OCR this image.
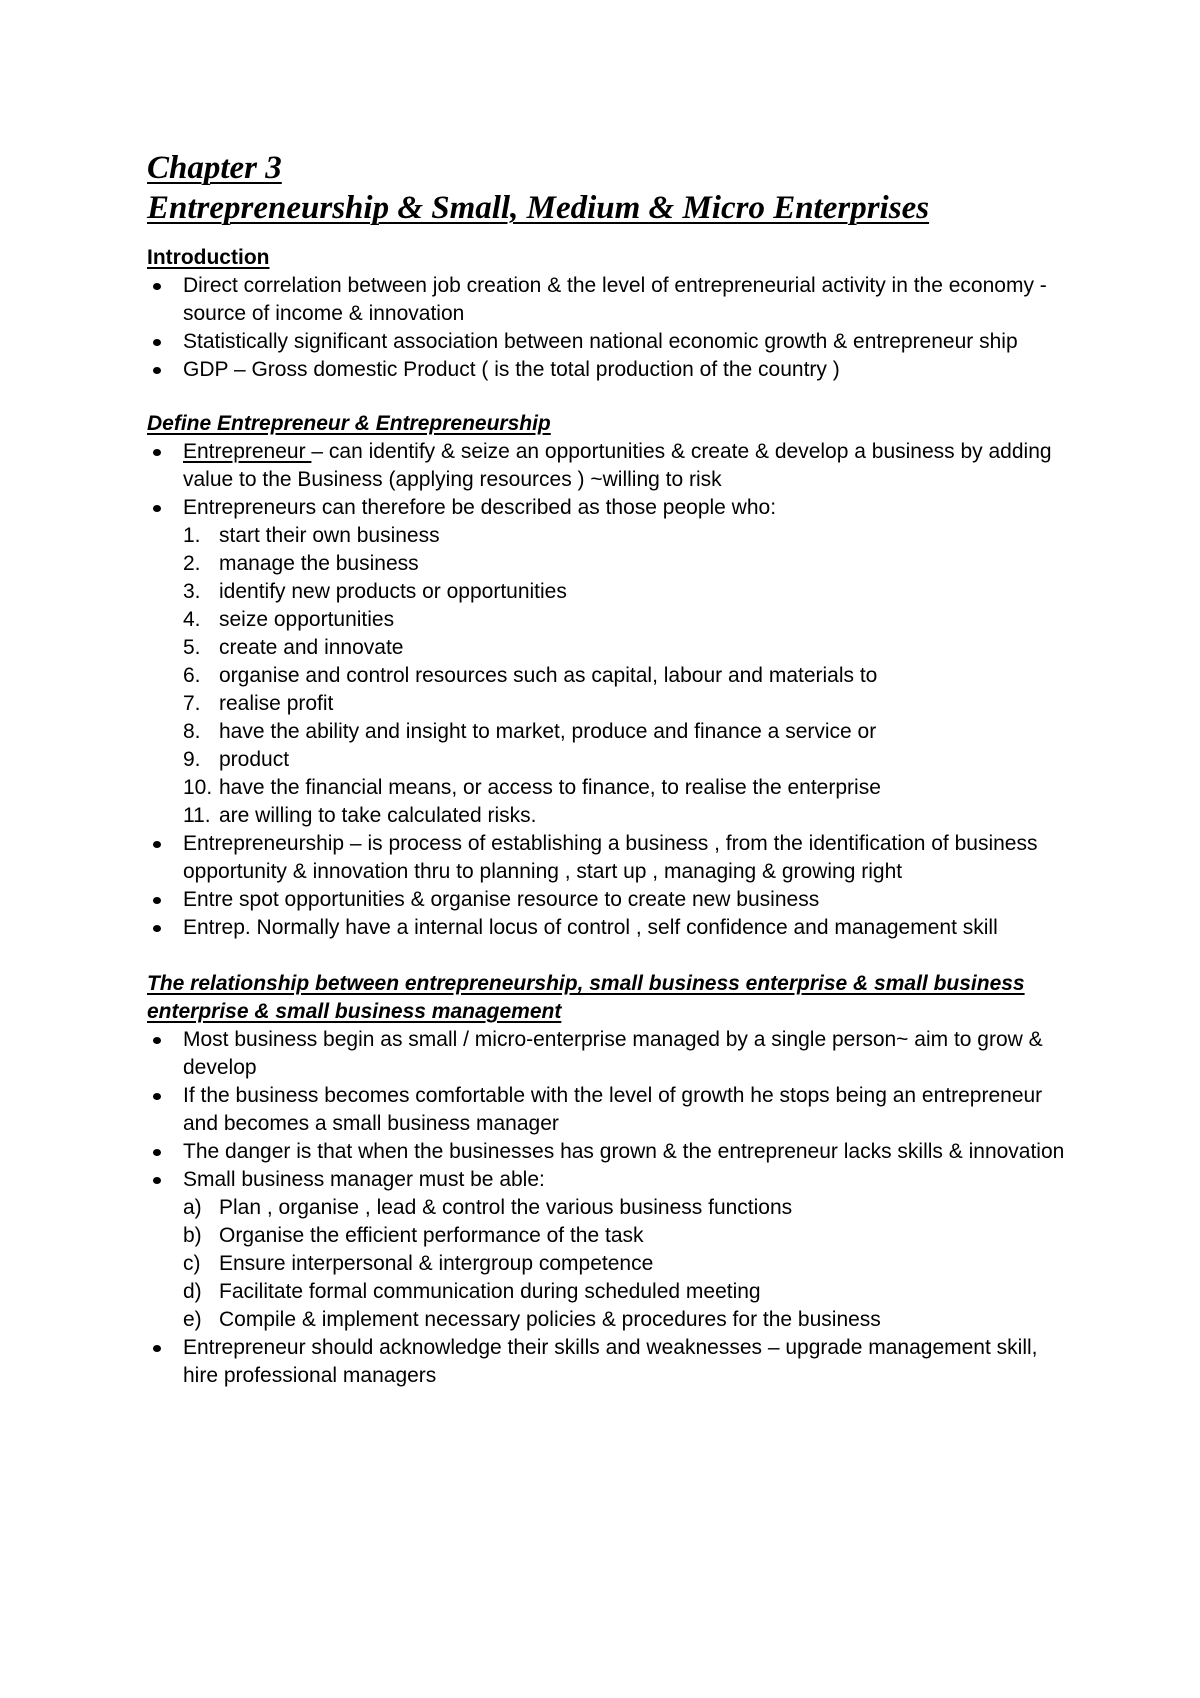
Chapter 3
Entrepreneurship & Small, Medium & Micro Enterprises
Introduction
Direct correlation between job creation & the level of entrepreneurial activity in the economy -source of income & innovation
Statistically significant association between national economic growth & entrepreneur ship
GDP – Gross domestic Product ( is the total production of the country )
Define Entrepreneur & Entrepreneurship
Entrepreneur – can identify & seize an opportunities & create & develop a business by adding value to the Business (applying resources ) ~willing to risk
Entrepreneurs can therefore be described as those people who:
1. start their own business
2. manage the business
3. identify new products or opportunities
4. seize opportunities
5. create and innovate
6. organise and control resources such as capital, labour and materials to
7. realise profit
8. have the ability and insight to market, produce and finance a service or
9. product
10. have the financial means, or access to finance, to realise the enterprise
11. are willing to take calculated risks.
Entrepreneurship – is process of establishing a business , from the identification of business opportunity & innovation thru to planning , start up , managing & growing right
Entre spot opportunities & organise resource to create new business
Entrep. Normally have a internal locus of control , self confidence and management skill
The relationship between entrepreneurship, small business enterprise & small business enterprise & small business management
Most business begin as small / micro-enterprise managed by a single person~ aim to grow & develop
If the business becomes comfortable with the level of growth he stops being an entrepreneur and becomes a small business manager
The danger is that when the businesses has grown & the entrepreneur lacks skills & innovation
Small business manager must be able:
a) Plan , organise , lead & control the various business functions
b) Organise the efficient performance of the task
c) Ensure interpersonal & intergroup competence
d) Facilitate formal communication during scheduled meeting
e) Compile & implement necessary policies & procedures for the business
Entrepreneur should acknowledge their skills and weaknesses – upgrade management skill, hire professional managers
